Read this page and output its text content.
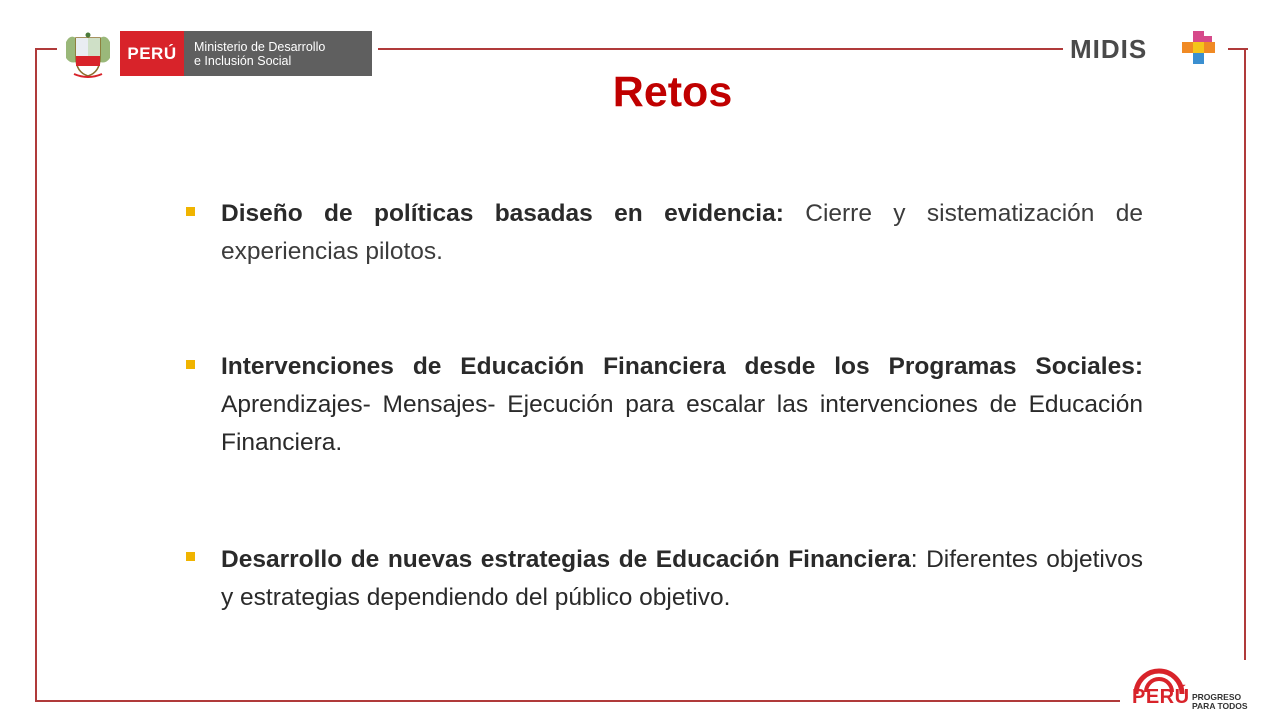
PERÚ Ministerio de Desarrollo
e Inclusión Social	MIDIS
Retos
Diseño de políticas basadas en evidencia: Cierre y sistematización de experiencias pilotos.
Intervenciones de Educación Financiera desde los Programas Sociales: Aprendizajes- Mensajes- Ejecución para escalar las intervenciones de Educación Financiera.
Desarrollo de nuevas estrategias de Educación Financiera: Diferentes objetivos y estrategias dependiendo del público objetivo.
PERÚ PROGRESO
PARA TODOS
